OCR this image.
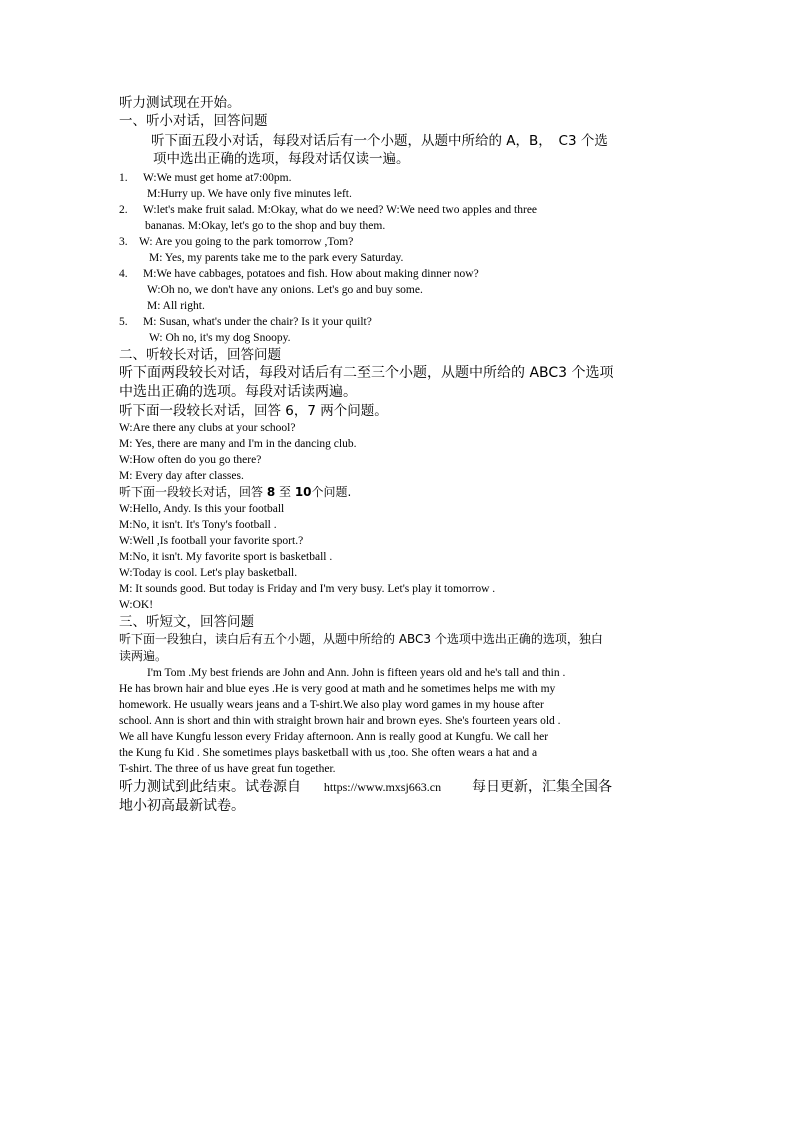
听力测试现在开始。
一、听小对话，回答问题
听下面五段小对话，每段对话后有一个小题，从题中所给的 A，B，　C3 个选
项中选出正确的选项，每段对话仅读一遍。
1. W:We must get home at7:00pm.
M:Hurry up. We have only five minutes left.
2. W:let's make fruit salad. M:Okay, what do we need? W:We need two apples and three
bananas. M:Okay, let's go to the shop and buy them.
3. W: Are you going to the park tomorrow ,Tom?
M: Yes, my parents take me to the park every Saturday.
4. M:We have cabbages, potatoes and fish. How about making dinner now?
W:Oh no, we don't have any onions. Let's go and buy some.
M: All right.
5. M: Susan, what's under the chair? Is it your quilt?
W: Oh no, it's my dog Snoopy.
二、听较长对话，回答问题
听下面两段较长对话，每段对话后有二至三个小题，从题中所给的 ABC3 个选项
中选出正确的选项。每段对话读两遍。
听下面一段较长对话，回答 6，7 两个问题。
W:Are there any clubs at your school?
M: Yes, there are many and I'm in the dancing club.
W:How often do you go there?
M: Every day after classes.
听下面一段较长对话，回答 8 至 10个问题.
W:Hello, Andy. Is this your football
M:No, it isn't. It's Tony's football .
W:Well ,Is football your favorite sport.?
M:No, it isn't. My favorite sport is basketball .
W:Today is cool. Let's play basketball.
M: It sounds good. But today is Friday and I'm very busy. Let's play it tomorrow .
W:OK!
三、听短文，回答问题
听下面一段独白，读白后有五个小题，从题中所给的 ABC3 个选项中选出正确的选项，独白
读两遍。
I'm Tom .My best friends are John and Ann. John is fifteen years old and he's tall and thin .
He has brown hair and blue eyes .He is very good at math and he sometimes helps me with my
homework. He usually wears jeans and a T-shirt.We also play word games in my house after
school. Ann is short and thin with straight brown hair and brown eyes. She's fourteen years old .
We all have Kungfu lesson every Friday afternoon. Ann is really good at Kungfu. We call her
the Kung fu Kid . She sometimes plays basketball with us ,too. She often wears a hat and a
T-shirt. The three of us have great fun together.
听力测试到此结束。试卷源自 https://www.mxsj663.cn 每日更新，汇集全国各
地小初高最新试卷。
